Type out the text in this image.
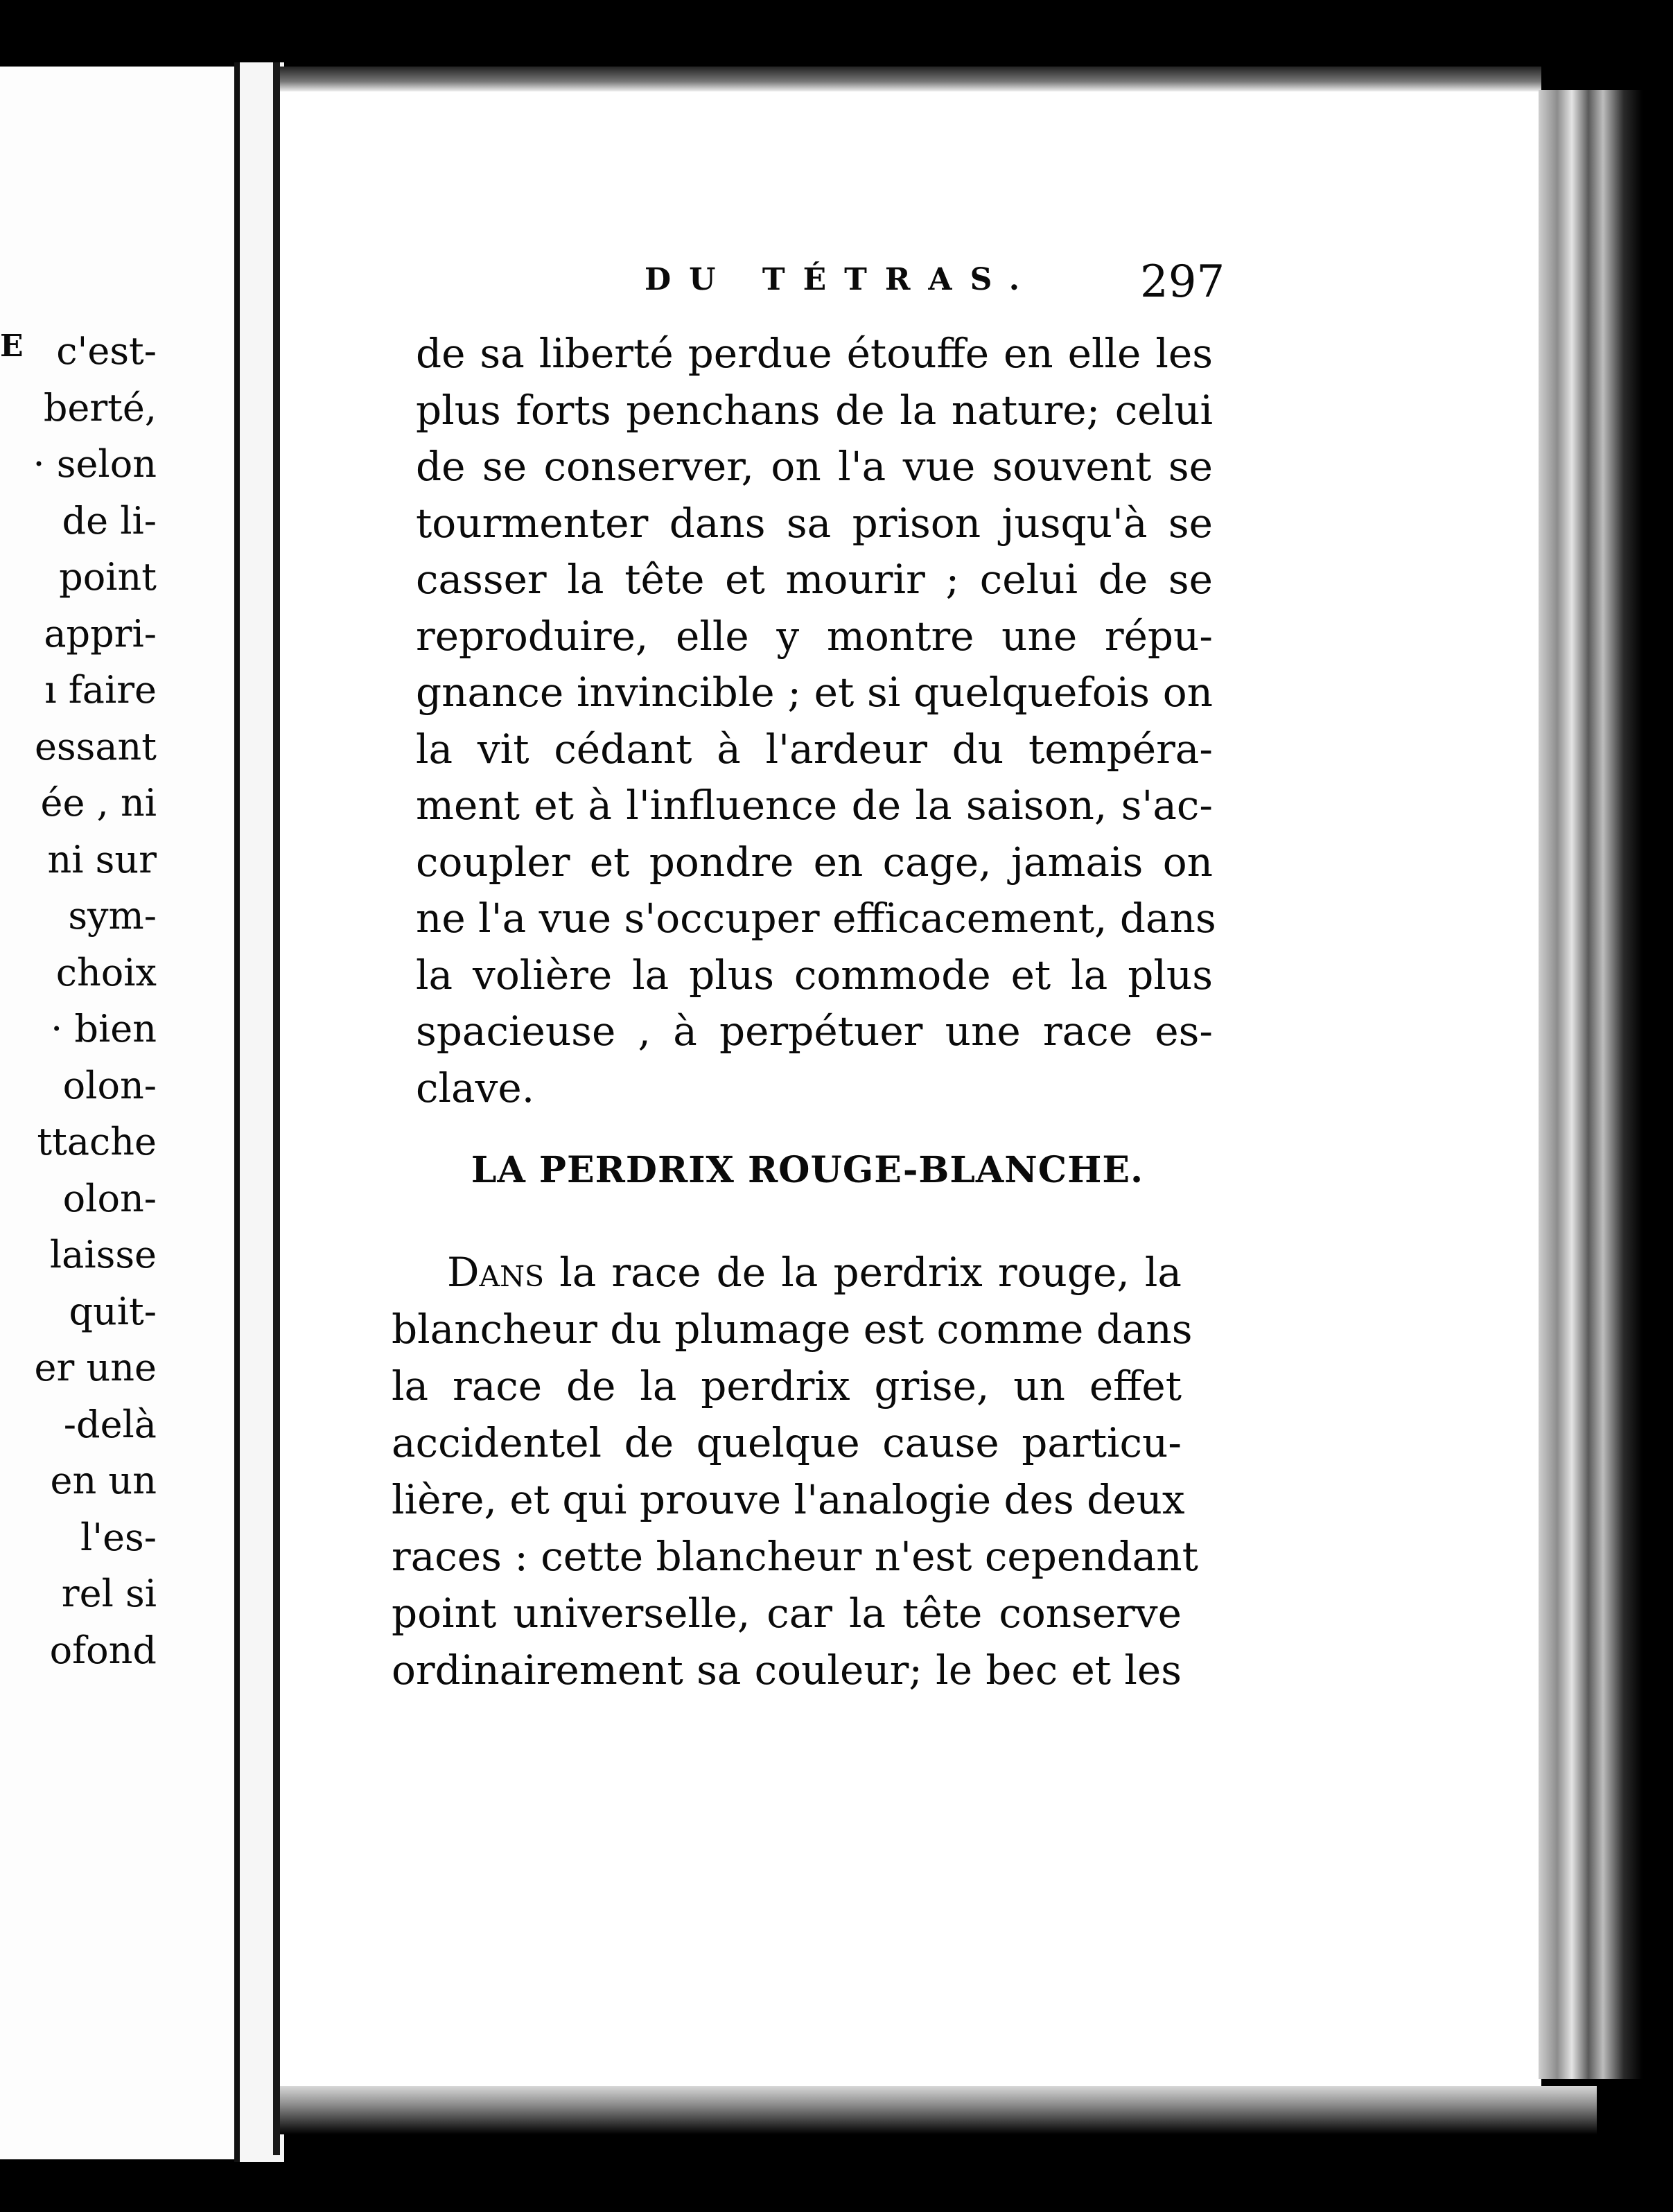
E c'est-
berté,
· selon
de li-
point
appri-
ı faire
essant
ée , ni
ni sur
sym-
choix
· bien
olon-
ttache
olon-
laisse
quit-
er une
-delà
en un
l'es-
rel si
ofond
DU TÉTRAS. 297
de sa liberté perdue étouffe en elle les
plus forts penchans de la nature; celui
de se conserver, on l'a vue souvent se
tourmenter dans sa prison jusqu'à se
casser la tête et mourir ; celui de se
reproduire, elle y montre une répu-
gnance invincible ; et si quelquefois on
la vit cédant à l'ardeur du tempéra-
ment et à l'influence de la saison, s'ac-
coupler et pondre en cage, jamais on
ne l'a vue s'occuper efficacement, dans
la volière la plus commode et la plus
spacieuse , à perpétuer une race es-
clave.
LA PERDRIX ROUGE-BLANCHE.
Dans la race de la perdrix rouge, la
blancheur du plumage est comme dans
la race de la perdrix grise, un effet
accidentel de quelque cause particu-
lière, et qui prouve l'analogie des deux
races : cette blancheur n'est cependant
point universelle, car la tête conserve
ordinairement sa couleur; le bec et les
